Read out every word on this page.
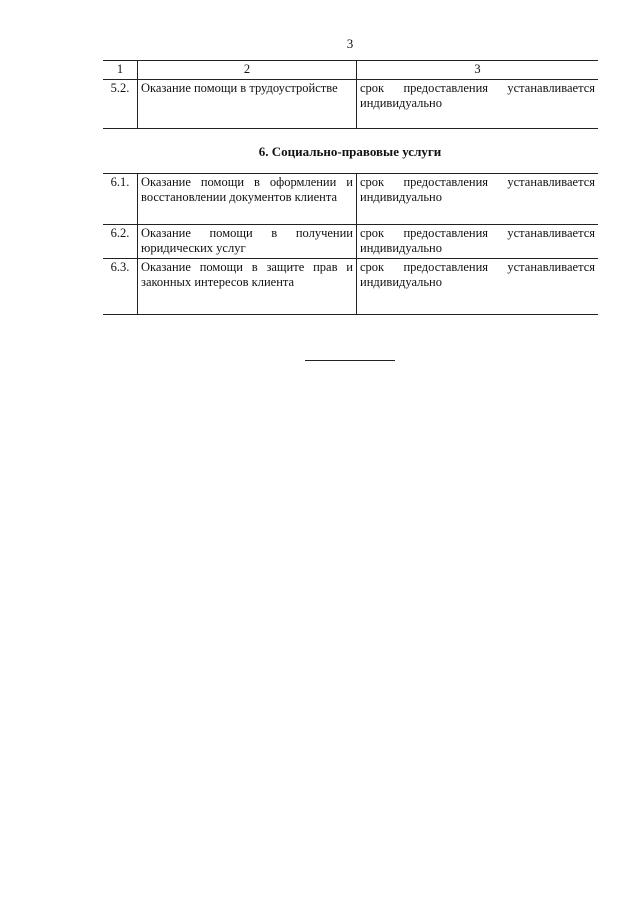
3
1	2	3
5.2.	Оказание помощи в трудоустройстве	срок предоставления устанавливается индивидуально
6. Социально-правовые услуги
6.1.	Оказание помощи в оформлении и восстановлении документов клиента	срок предоставления устанавливается индивидуально
6.2.	Оказание помощи в получении юридических услуг	срок предоставления устанавливается индивидуально
6.3.	Оказание помощи в защите прав и законных интересов клиента	срок предоставления устанавливается индивидуально
